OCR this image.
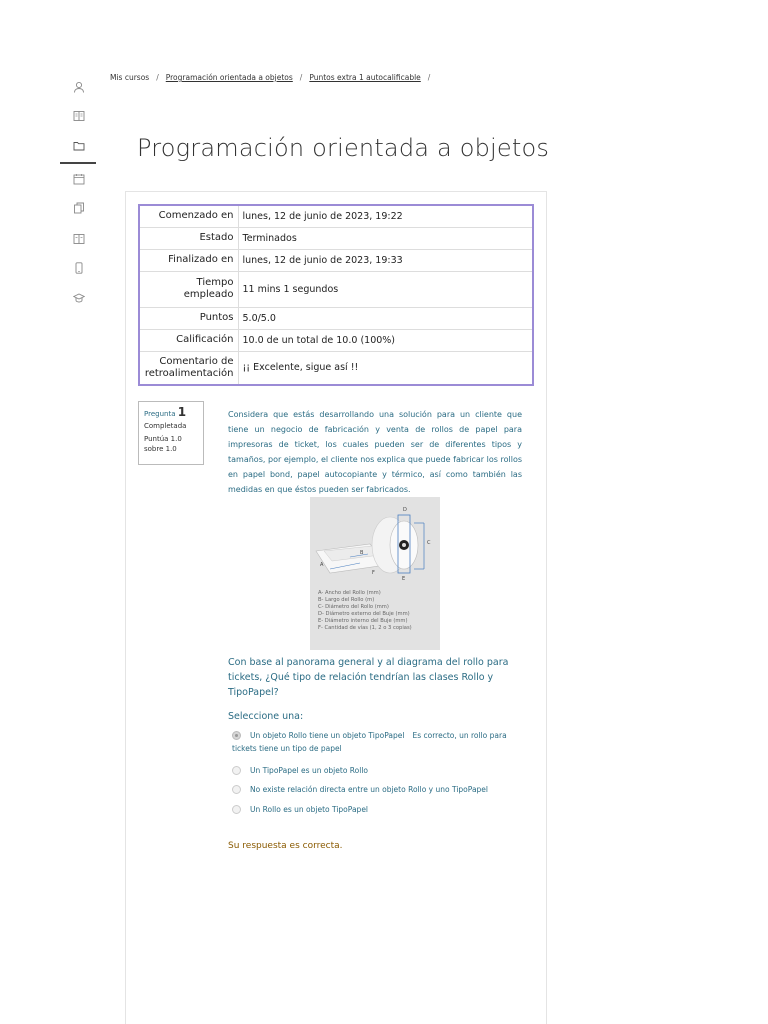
Mis cursos / Programación orientada a objetos / Puntos extra 1 autocalificable /
Programación orientada a objetos
Comenzado en	lunes, 12 de junio de 2023, 19:22
Estado	Terminados
Finalizado en	lunes, 12 de junio de 2023, 19:33
Tiempo empleado	11 mins 1 segundos
Puntos	5.0/5.0
Calificación	10.0 de un total de 10.0 (100%)
Comentario de retroalimentación	¡¡ Excelente, sigue así !!
Pregunta 1
Completada
Puntúa 1.0 sobre 1.0
Considera que estás desarrollando una solución para un cliente que tiene un negocio de fabricación y venta de rollos de papel para impresoras de ticket, los cuales pueden ser de diferentes tipos y tamaños, por ejemplo, el cliente nos explica que puede fabricar los rollos en papel bond, papel autocopiante y térmico, así como también las medidas en que éstos pueden ser fabricados.
D
C
B
A
F
E
A- Ancho del Rollo (mm)
B- Largo del Rollo (m)
C- Diámetro del Rollo (mm)
D- Diámetro externo del Buje (mm)
E- Diámetro interno del Buje (mm)
F- Cantidad de vías (1, 2 o 3 copias)
Con base al panorama general y al diagrama del rollo para tickets, ¿Qué tipo de relación tendrían las clases Rollo y TipoPapel?
Seleccione una:
Un objeto Rollo tiene un objeto TipoPapel Es correcto, un rollo para tickets tiene un tipo de papel
Un TipoPapel es un objeto Rollo
No existe relación directa entre un objeto Rollo y uno TipoPapel
Un Rollo es un objeto TipoPapel
Su respuesta es correcta.
